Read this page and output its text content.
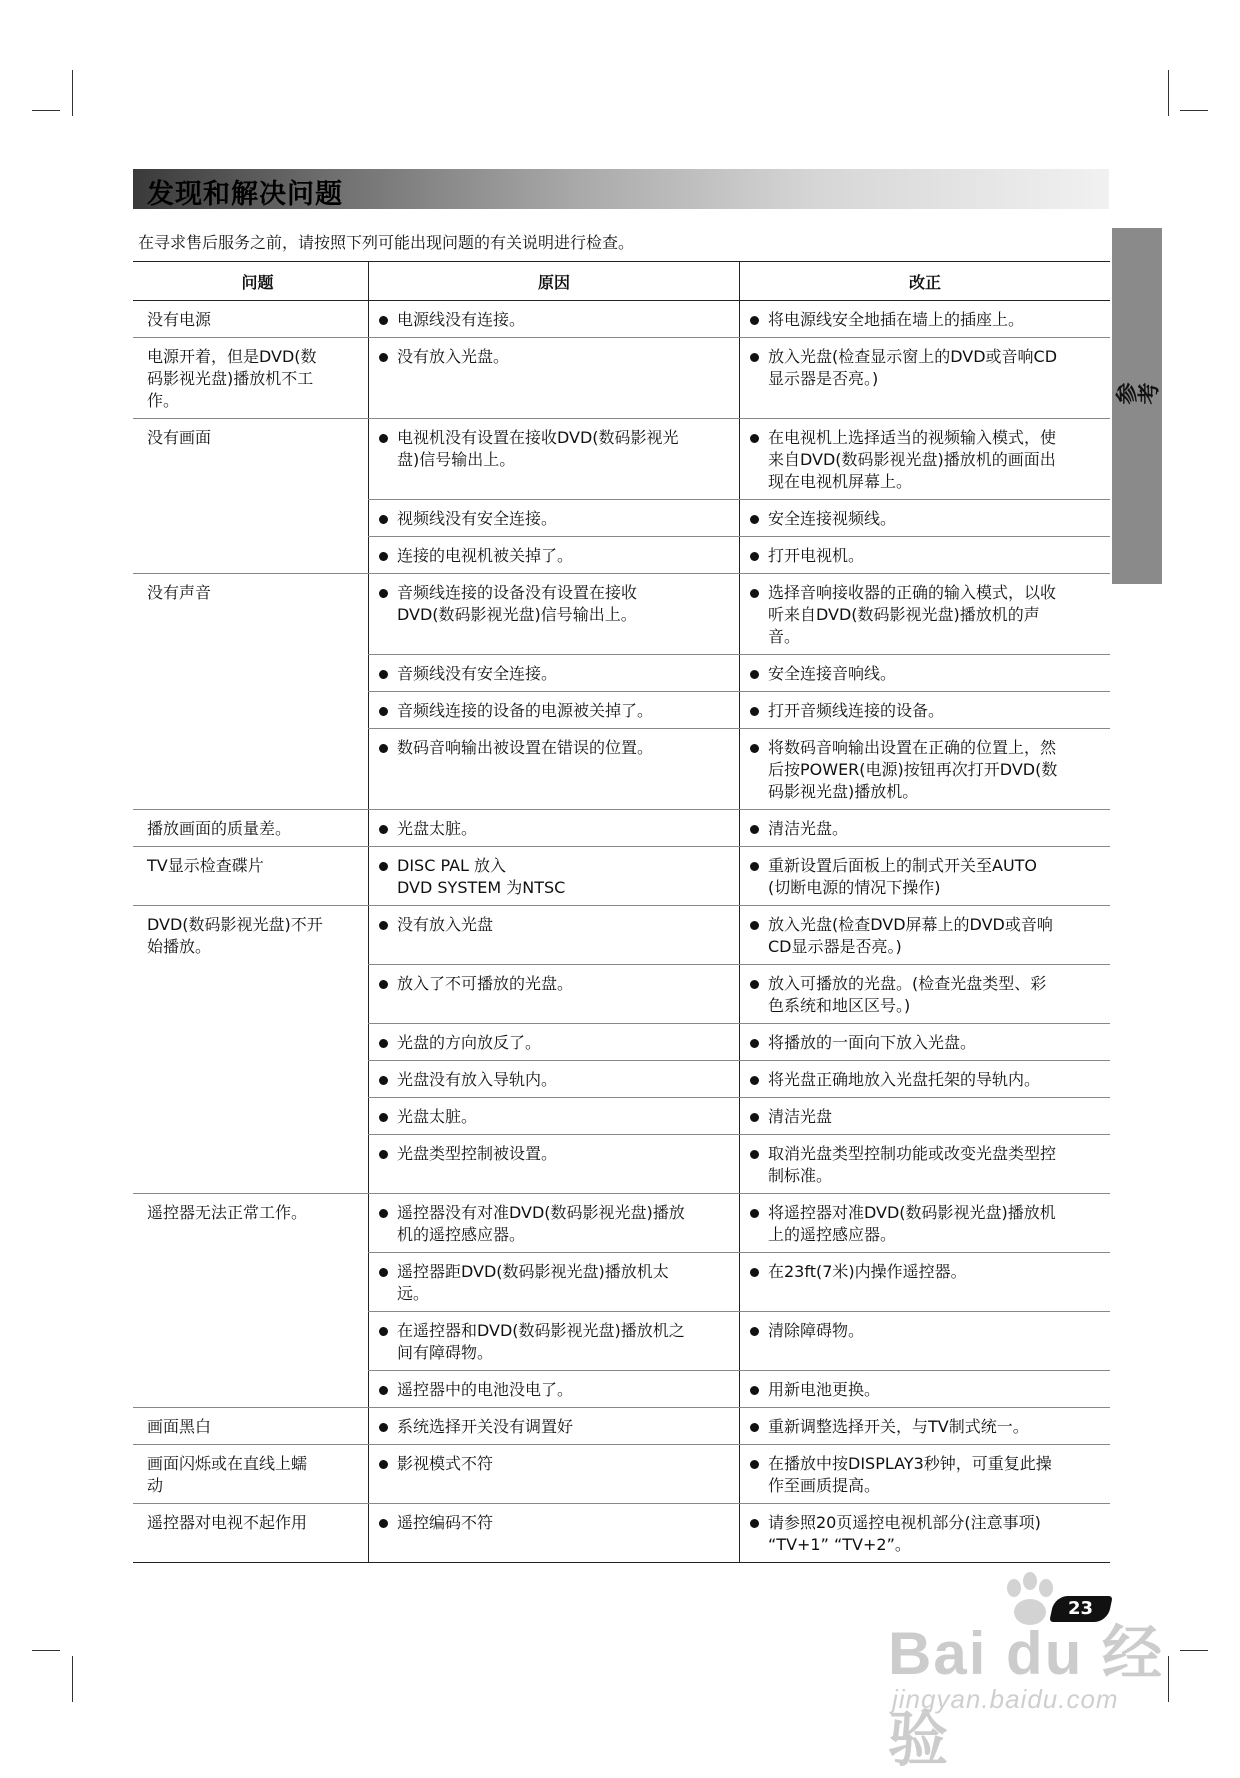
发现和解决问题
参考
在寻求售后服务之前，请按照下列可能出现问题的有关说明进行检查。
问题	原因	改正
没有电源	电源线没有连接。	将电源线安全地插在墙上的插座上。

电源开着，但是DVD(数
码影视光盘)播放机不工
作。	没有放入光盘。	放入光盘(检查显示窗上的DVD或音响CD
显示器是否亮。)

没有画面	电视机没有设置在接收DVD(数码影视光
盘)信号输出上。	在电视机上选择适当的视频输入模式，使
来自DVD(数码影视光盘)播放机的画面出
现在电视机屏幕上。

	视频线没有安全连接。	安全连接视频线。

	连接的电视机被关掉了。	打开电视机。

没有声音	音频线连接的设备没有设置在接收
DVD(数码影视光盘)信号输出上。	选择音响接收器的正确的输入模式，以收
听来自DVD(数码影视光盘)播放机的声
音。

	音频线没有安全连接。	安全连接音响线。

	音频线连接的设备的电源被关掉了。	打开音频线连接的设备。

	数码音响输出被设置在错误的位置。	将数码音响输出设置在正确的位置上，然
后按POWER(电源)按钮再次打开DVD(数
码影视光盘)播放机。

播放画面的质量差。	光盘太脏。	清洁光盘。

TV显示检查碟片	DISC PAL 放入
DVD SYSTEM 为NTSC	重新设置后面板上的制式开关至AUTO
(切断电源的情况下操作)

DVD(数码影视光盘)不开
始播放。	没有放入光盘	放入光盘(检查DVD屏幕上的DVD或音响
CD显示器是否亮。)

	放入了不可播放的光盘。	放入可播放的光盘。(检查光盘类型、彩
色系统和地区区号。)

	光盘的方向放反了。	将播放的一面向下放入光盘。

	光盘没有放入导轨内。	将光盘正确地放入光盘托架的导轨内。

	光盘太脏。	清洁光盘

	光盘类型控制被设置。	取消光盘类型控制功能或改变光盘类型控
制标准。

遥控器无法正常工作。	遥控器没有对准DVD(数码影视光盘)播放
机的遥控感应器。	将遥控器对准DVD(数码影视光盘)播放机
上的遥控感应器。

	遥控器距DVD(数码影视光盘)播放机太
远。	在23ft(7米)内操作遥控器。

	在遥控器和DVD(数码影视光盘)播放机之
间有障碍物。	清除障碍物。

	遥控器中的电池没电了。	用新电池更换。

画面黑白	系统选择开关没有调置好	重新调整选择开关，与TV制式统一。

画面闪烁或在直线上蠕
动	影视模式不符	在播放中按DISPLAY3秒钟，可重复此操
作至画质提高。

遥控器对电视不起作用	遥控编码不符	请参照20页遥控电视机部分(注意事项)
“TV+1” “TV+2”。
23
Bai du 经验
jingyan.baidu.com
